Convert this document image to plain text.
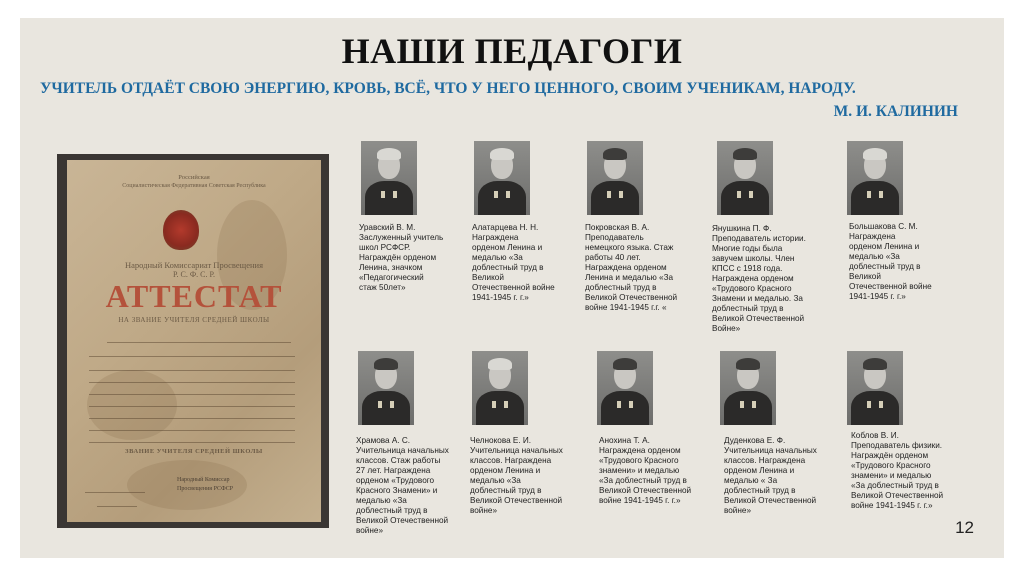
НАШИ ПЕДАГОГИ
УЧИТЕЛЬ ОТДАЁТ СВОЮ ЭНЕРГИЮ, КРОВЬ, ВСЁ, ЧТО У НЕГО ЦЕННОГО, СВОИМ УЧЕНИКАМ, НАРОДУ.
М. И. КАЛИНИН
Российская
Социалистическая Федеративная Советская Республика
Народный Комиссариат Просвещения
Р. С. Ф. С. Р.
АТТЕСТАТ
НА ЗВАНИЕ УЧИТЕЛЯ СРЕДНЕЙ ШКОЛЫ
ЗВАНИЕ УЧИТЕЛЯ СРЕДНЕЙ ШКОЛЫ
Народный Комиссар
Просвещения РСФСР
Уравский В. М.
Заслуженный учитель
школ РСФСР.
Награждён орденом
Ленина, значком
«Педагогический
стаж 50лет»
Алатарцева Н. Н.
Награждена
орденом Ленина и
медалью «За
доблестный труд в
Великой
Отечественной войне
1941-1945 г. г.»
Покровская В. А.
Преподаватель
немецкого языка. Стаж
работы 40 лет.
Награждена орденом
Ленина и медалью «За
доблестный труд в
Великой Отечественной
войне 1941-1945 г.г. «
Янушкина П. Ф.
Преподаватель истории.
Многие годы была
завучем школы. Член
КПСС с 1918 года.
Награждена орденом
«Трудового Красного
Знамени и медалью. За
доблестный труд в
Великой Отечественной
Войне»
Большакова С. М.
Награждена
орденом Ленина и
медалью «За
доблестный труд в
Великой
Отечественной войне
1941-1945 г. г.»
Храмова А. С.
Учительница начальных
классов. Стаж работы
27 лет. Награждена
орденом «Трудового
Красного Знамени» и
медалью «За
доблестный труд в
Великой Отечественной
войне»
Челнокова Е. И.
Учительница начальных
классов. Награждена
орденом Ленина и
медалью «За
доблестный труд в
Великой Отечественной
войне»
Анохина Т. А.
Награждена орденом
«Трудового Красного
знамени» и медалью
«За доблестный труд в
Великой Отечественной
войне 1941-1945 г. г.»
Дуденкова Е. Ф.
Учительница начальных
классов. Награждена
орденом Ленина и
медалью « За
доблестный труд в
Великой Отечественной
войне»
Коблов В. И.
Преподаватель физики.
Награждён орденом
«Трудового Красного
знамени» и медалью
«За доблестный труд в
Великой Отечественной
войне 1941-1945 г. г.»
12
